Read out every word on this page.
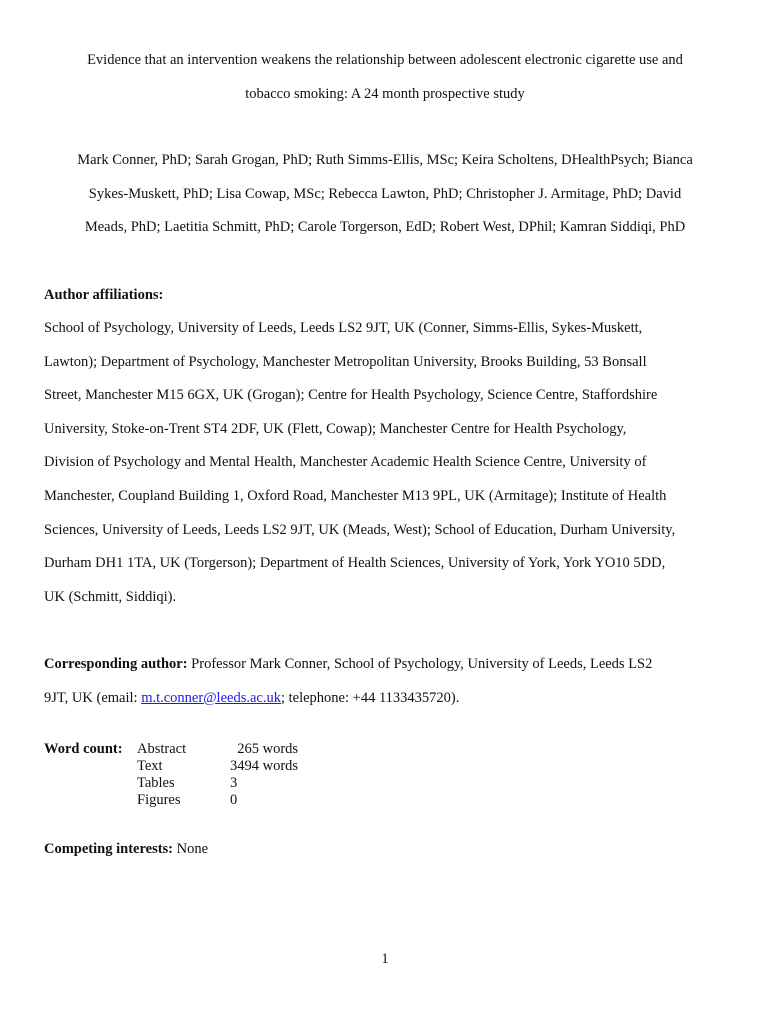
Evidence that an intervention weakens the relationship between adolescent electronic cigarette use and
tobacco smoking: A 24 month prospective study
Mark Conner, PhD; Sarah Grogan, PhD; Ruth Simms-Ellis, MSc; Keira Scholtens, DHealthPsych; Bianca
Sykes-Muskett, PhD; Lisa Cowap, MSc; Rebecca Lawton, PhD; Christopher J. Armitage, PhD; David
Meads, PhD; Laetitia Schmitt, PhD; Carole Torgerson, EdD; Robert West, DPhil; Kamran Siddiqi, PhD
Author affiliations:
School of Psychology, University of Leeds, Leeds LS2 9JT, UK (Conner, Simms-Ellis, Sykes-Muskett,
Lawton); Department of Psychology, Manchester Metropolitan University, Brooks Building, 53 Bonsall
Street, Manchester M15 6GX, UK (Grogan); Centre for Health Psychology, Science Centre, Staffordshire
University, Stoke-on-Trent ST4 2DF, UK (Flett, Cowap); Manchester Centre for Health Psychology,
Division of Psychology and Mental Health, Manchester Academic Health Science Centre, University of
Manchester, Coupland Building 1, Oxford Road, Manchester M13 9PL, UK (Armitage); Institute of Health
Sciences, University of Leeds, Leeds LS2 9JT, UK (Meads, West); School of Education, Durham University,
Durham DH1 1TA, UK (Torgerson); Department of Health Sciences, University of York, York YO10 5DD,
UK (Schmitt, Siddiqi).
Corresponding author: Professor Mark Conner, School of Psychology, University of Leeds, Leeds LS2
9JT, UK (email: m.t.conner@leeds.ac.uk; telephone: +44 1133435720).
Word count: Abstract	265 words
Text	3494 words
Tables	3
Figures	0
Competing interests: None
1
